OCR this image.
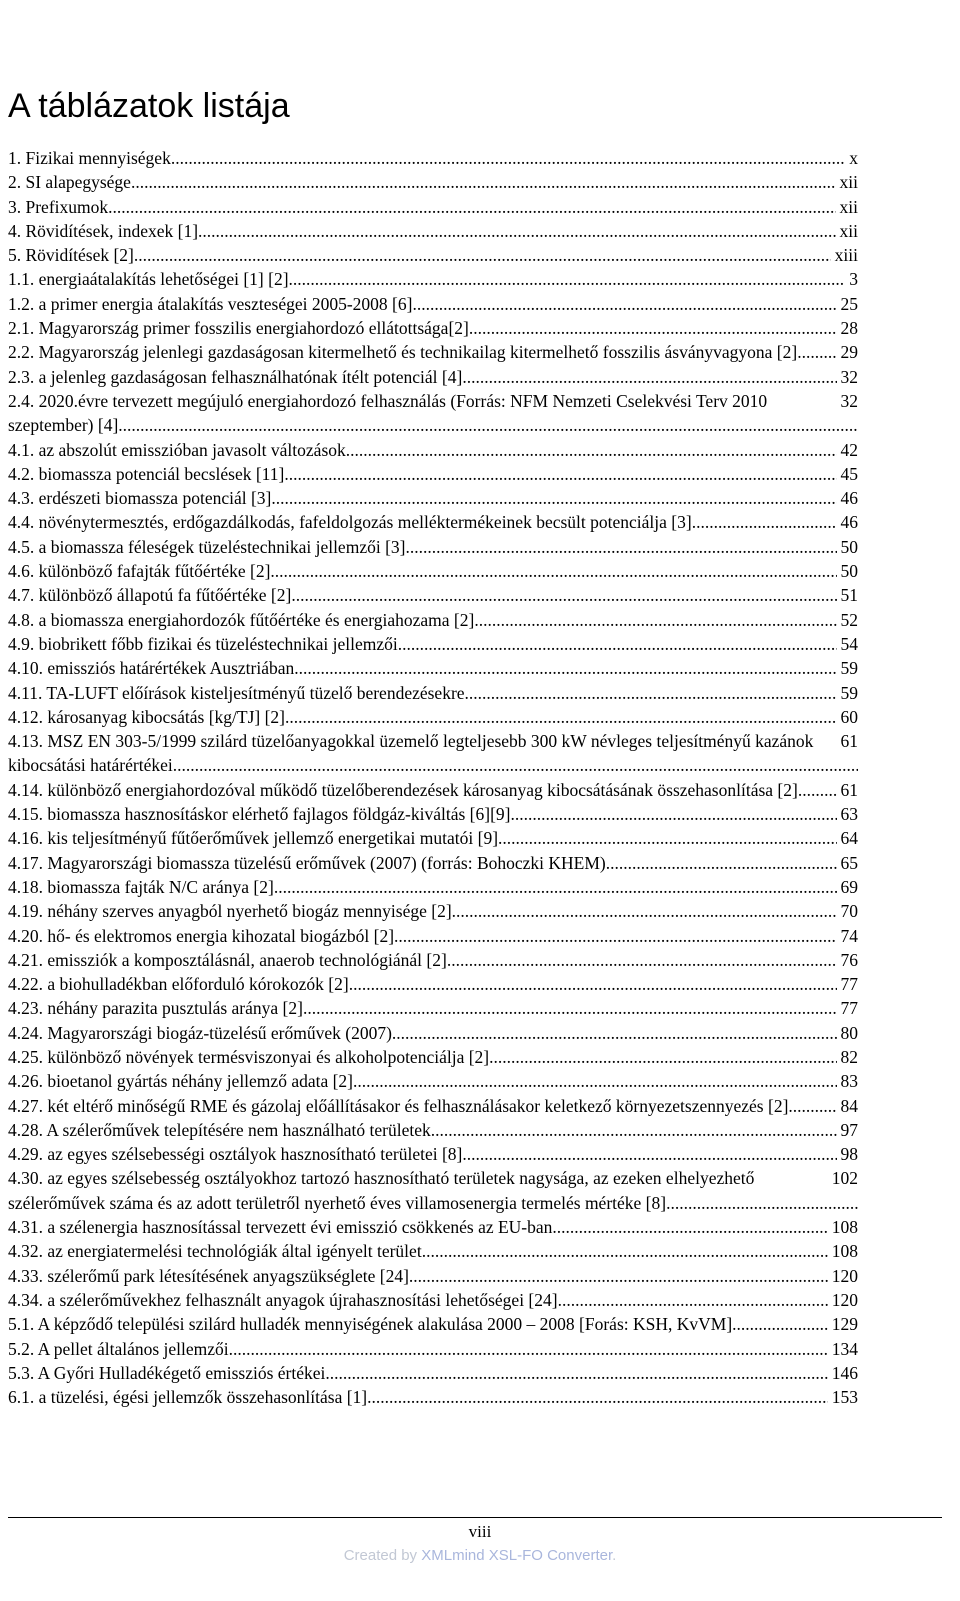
A táblázatok listája
x
1. Fizikai mennyiségek .....
xii
2. SI alapegysége .....
xii
3. Prefixumok .....
xii
4. Rövidítések, indexek [1] .....
xiii
5. Rövidítések [2] .....
3
1.1. energiaátalakítás lehetőségei [1] [2] .....
25
1.2. a primer energia átalakítás veszteségei 2005-2008 [6] .....
28
2.1. Magyarország primer fosszilis energiahordozó ellátottsága[2] .....
29
2.2. Magyarország jelenlegi gazdaságosan kitermelhető és technikailag kitermelhető fosszilis ásványvagyona [2] .....
32
2.3. a jelenleg gazdaságosan felhasználhatónak ítélt potenciál [4] .....
32
2.4. 2020.évre tervezett megújuló energiahordozó felhasználás (Forrás: NFM Nemzeti Cselekvési Terv 2010 szeptember) [4] .....
42
4.1. az abszolút emisszióban javasolt változások .....
45
4.2. biomassza potenciál becslések [11] .....
46
4.3. erdészeti biomassza potenciál [3] .....
46
4.4. növénytermesztés, erdőgazdálkodás, fafeldolgozás melléktermékeinek becsült potenciálja [3] .....
50
4.5. a biomassza féleségek tüzeléstechnikai jellemzői [3] .....
50
4.6. különböző fafajták fűtőértéke [2] .....
51
4.7. különböző állapotú fa fűtőértéke [2] .....
52
4.8. a biomassza energiahordozók fűtőértéke és energiahozama [2] .....
54
4.9. biobrikett főbb fizikai és tüzeléstechnikai jellemzői .....
59
4.10. emissziós határértékek Ausztriában .....
59
4.11. TA-LUFT előírások kisteljesítményű tüzelő berendezésekre .....
60
4.12. károsanyag kibocsátás [kg/TJ] [2] .....
61
4.13. MSZ EN 303-5/1999 szilárd tüzelőanyagokkal üzemelő legteljesebb 300 kW névleges teljesítményű kazánok kibocsátási határértékei .....
61
4.14. különböző energiahordozóval működő tüzelőberendezések károsanyag kibocsátásának összehasonlítása [2] .....
63
4.15. biomassza hasznosításkor elérhető fajlagos földgáz-kiváltás [6][9] .....
64
4.16. kis teljesítményű fűtőerőművek jellemző energetikai mutatói [9] .....
65
4.17. Magyarországi biomassza tüzelésű erőművek (2007) (forrás: Bohoczki KHEM) .....
69
4.18. biomassza fajták N/C aránya [2] .....
70
4.19. néhány szerves anyagból nyerhető biogáz mennyisége [2] .....
74
4.20. hő- és elektromos energia kihozatal biogázból [2] .....
76
4.21. emissziók a komposztálásnál, anaerob technológiánál [2] .....
77
4.22. a biohulladékban előforduló kórokozók [2] .....
77
4.23. néhány parazita pusztulás aránya [2] .....
80
4.24. Magyarországi biogáz-tüzelésű erőművek (2007) .....
82
4.25. különböző növények termésviszonyai és alkoholpotenciálja [2] .....
83
4.26. bioetanol gyártás néhány jellemző adata [2] .....
84
4.27. két eltérő minőségű RME és gázolaj előállításakor és felhasználásakor keletkező környezetszennyezés [2] .....
97
4.28. A szélerőművek telepítésére nem használható területek .....
98
4.29. az egyes szélsebességi osztályok hasznosítható területei [8] .....
102
4.30. az egyes szélsebesség osztályokhoz tartozó hasznosítható területek nagysága, az ezeken elhelyezhető szélerőművek száma és az adott területről nyerhető éves villamosenergia termelés mértéke [8] .....
108
4.31. a szélenergia hasznosítással tervezett évi emisszió csökkenés az EU-ban .....
108
4.32. az energiatermelési technológiák által igényelt terület .....
120
4.33. szélerőmű park létesítésének anyagszükséglete [24] .....
120
4.34. a szélerőművekhez felhasznált anyagok újrahasznosítási lehetőségei [24] .....
129
5.1. A képződő települési szilárd hulladék mennyiségének alakulása 2000 – 2008 [Forás: KSH, KvVM] .....
134
5.2. A pellet általános jellemzői .....
146
5.3. A Győri Hulladékégető emissziós értékei .....
153
6.1. a tüzelési, égési jellemzők összehasonlítása [1] .....
viii
Created by XMLmind XSL-FO Converter.
